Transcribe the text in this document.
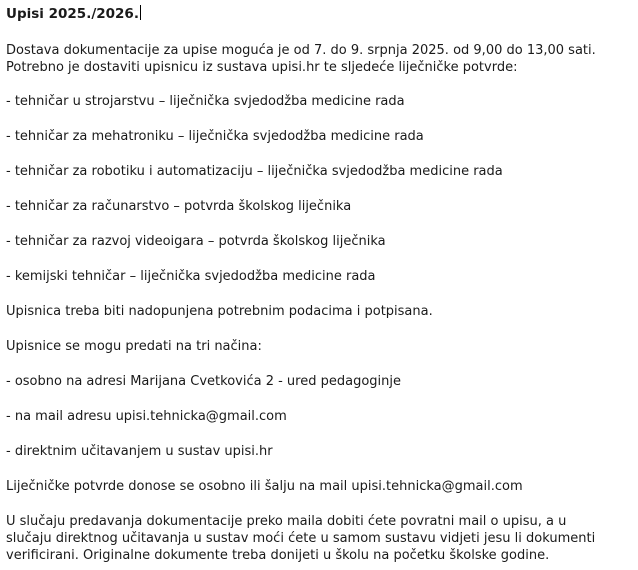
Upisi 2025./2026.

Dostava dokumentacije za upise moguća je od 7. do 9. srpnja 2025. od 9,00 do 13,00 sati.
Potrebno je dostaviti upisnicu iz sustava upisi.hr te sljedeće liječničke potvrde:

- tehničar u strojarstvu – liječnička svjedodžba medicine rada

- tehničar za mehatroniku – liječnička svjedodžba medicine rada

- tehničar za robotiku i automatizaciju – liječnička svjedodžba medicine rada

- tehničar za računarstvo – potvrda školskog liječnika

- tehničar za razvoj videoigara – potvrda školskog liječnika

- kemijski tehničar – liječnička svjedodžba medicine rada

Upisnica treba biti nadopunjena potrebnim podacima i potpisana.

Upisnice se mogu predati na tri načina:

- osobno na adresi Marijana Cvetkovića 2 - ured pedagoginje

- na mail adresu upisi.tehnicka@gmail.com

- direktnim učitavanjem u sustav upisi.hr

Liječničke potvrde donose se osobno ili šalju na mail upisi.tehnicka@gmail.com

U slučaju predavanja dokumentacije preko maila dobiti ćete povratni mail o upisu, a u
slučaju direktnog učitavanja u sustav moći ćete u samom sustavu vidjeti jesu li dokumenti
verificirani. Originalne dokumente treba donijeti u školu na početku školske godine.
